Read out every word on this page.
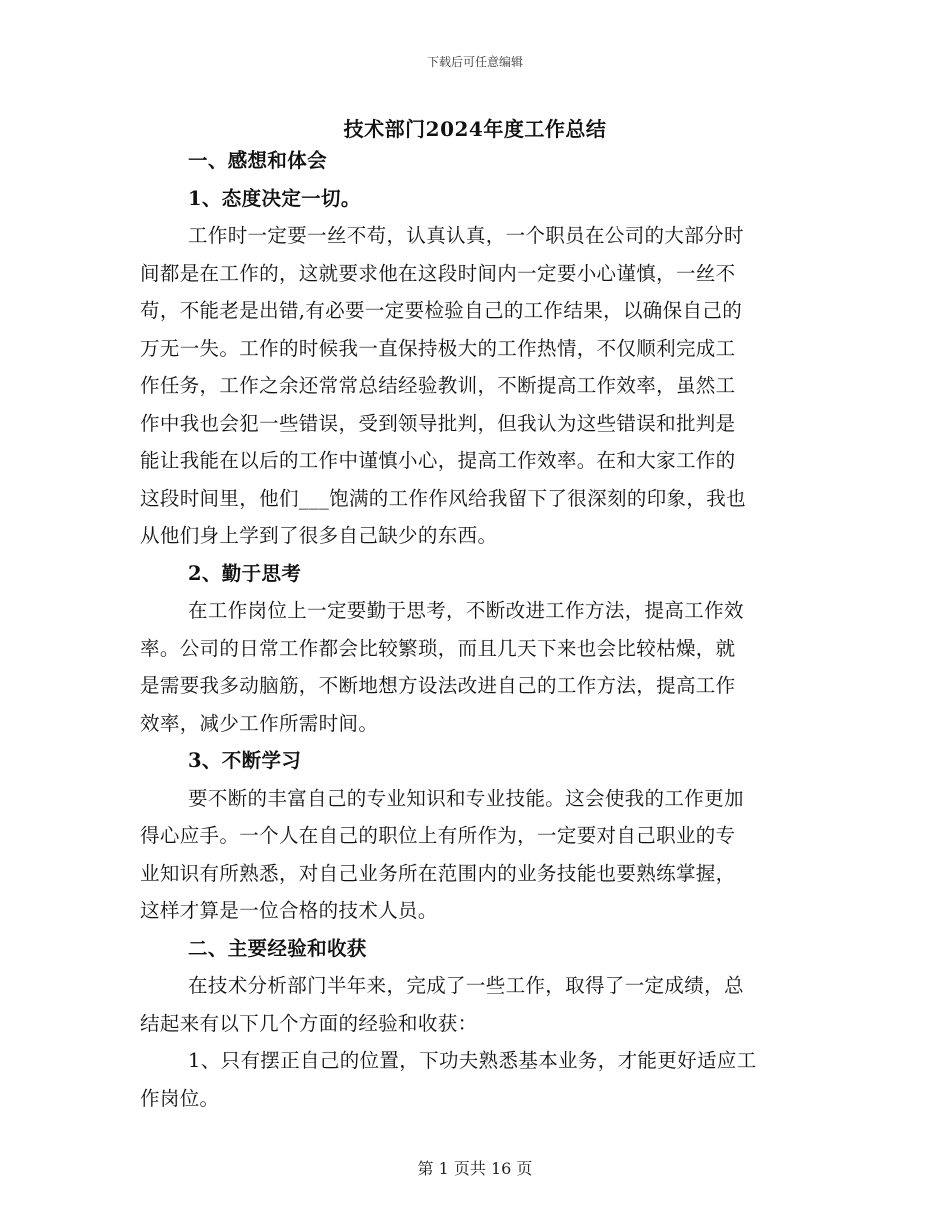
下载后可任意编辑
技术部门2024年度工作总结
一、感想和体会
1、态度决定一切。
工作时一定要一丝不苟，认真认真，一个职员在公司的大部分时
间都是在工作的，这就要求他在这段时间内一定要小心谨慎，一丝不
苟，不能老是出错,有必要一定要检验自己的工作结果，以确保自己的
万无一失。工作的时候我一直保持极大的工作热情，不仅顺利完成工
作任务，工作之余还常常总结经验教训，不断提高工作效率，虽然工
作中我也会犯一些错误，受到领导批判，但我认为这些错误和批判是
能让我能在以后的工作中谨慎小心，提高工作效率。在和大家工作的
这段时间里，他们___饱满的工作作风给我留下了很深刻的印象，我也
从他们身上学到了很多自己缺少的东西。
2、勤于思考
在工作岗位上一定要勤于思考，不断改进工作方法，提高工作效
率。公司的日常工作都会比较繁琐，而且几天下来也会比较枯燥，就
是需要我多动脑筋，不断地想方设法改进自己的工作方法，提高工作
效率，减少工作所需时间。
3、不断学习
要不断的丰富自己的专业知识和专业技能。这会使我的工作更加
得心应手。一个人在自己的职位上有所作为，一定要对自己职业的专
业知识有所熟悉，对自己业务所在范围内的业务技能也要熟练掌握，
这样才算是一位合格的技术人员。
二、主要经验和收获
在技术分析部门半年来，完成了一些工作，取得了一定成绩，总
结起来有以下几个方面的经验和收获：
1、只有摆正自己的位置，下功夫熟悉基本业务，才能更好适应工
作岗位。
第 1 页共 16 页
